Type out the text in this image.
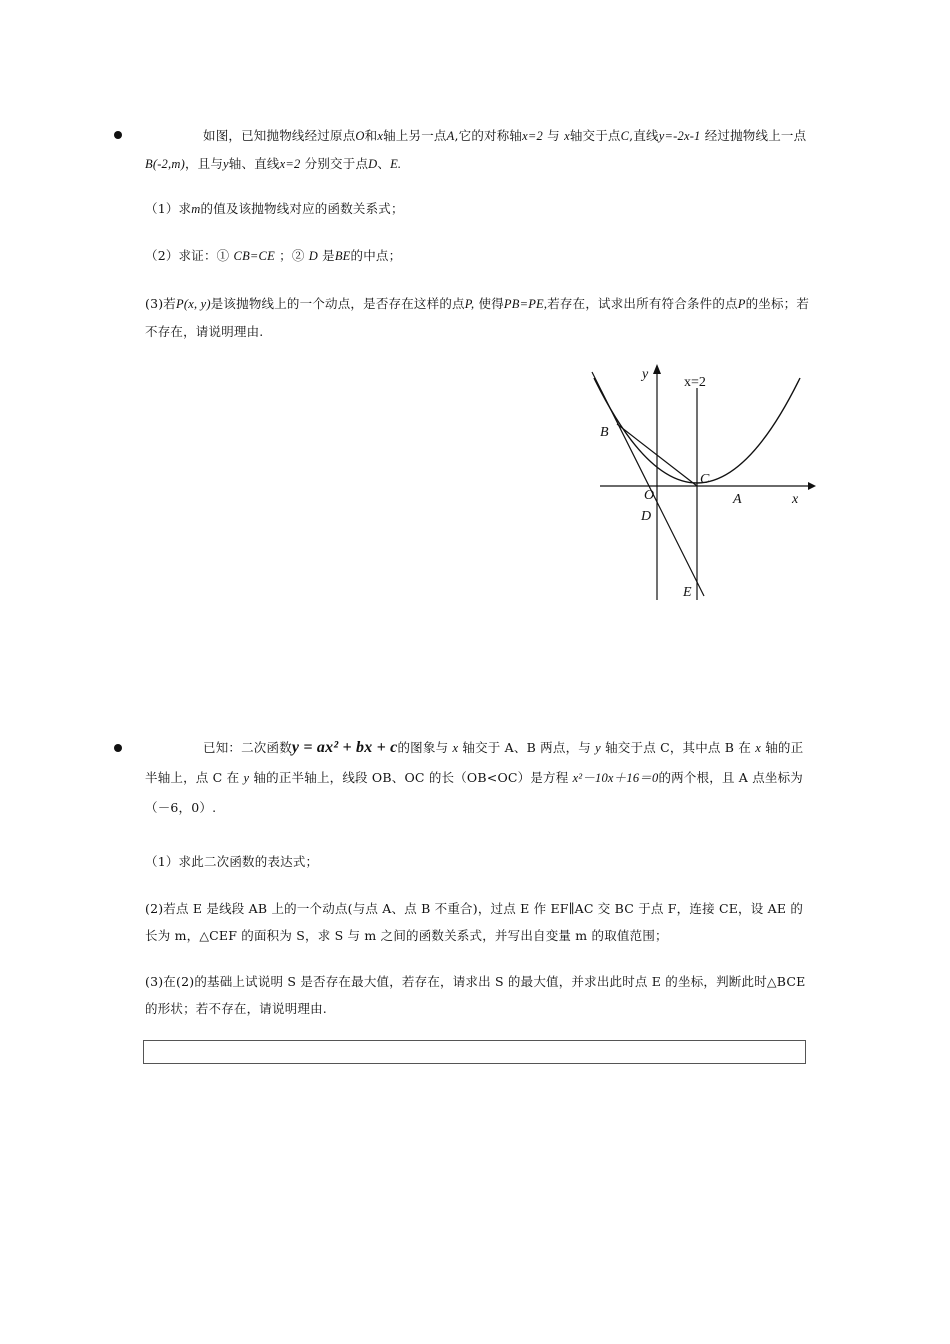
如图，已知抛物线经过原点O和x轴上另一点A,它的对称轴x=2 与 x轴交于点C,直线y=-2x-1 经过抛物线上一点B(-2,m)，且与y轴、直线x=2 分别交于点D、E.
（1）求m的值及该抛物线对应的函数关系式；
（2）求证：① CB=CE ；② D 是BE的中点；
(3)若P(x, y)是该抛物线上的一个动点，是否存在这样的点P, 使得PB=PE,若存在，试求出所有符合条件的点P的坐标；若不存在，请说明理由.
y
x=2
B
C
O	A	x
D
E
已知：二次函数y = ax² + bx + c的图象与 x 轴交于 A、B 两点，与 y 轴交于点 C，其中点 B 在 x 轴的正半轴上，点 C 在 y 轴的正半轴上，线段 OB、OC 的长（OB<OC）是方程 x²－10x＋16＝0的两个根，且 A 点坐标为（－6，0）.
（1）求此二次函数的表达式；
(2)若点 E 是线段 AB 上的一个动点(与点 A、点 B 不重合)，过点 E 作 EF∥AC 交 BC 于点 F，连接 CE，设 AE 的长为 m，△CEF 的面积为 S，求 S 与 m 之间的函数关系式，并写出自变量 m 的取值范围；
(3)在(2)的基础上试说明 S 是否存在最大值，若存在，请求出 S 的最大值，并求出此时点 E 的坐标，判断此时△BCE 的形状；若不存在，请说明理由.
